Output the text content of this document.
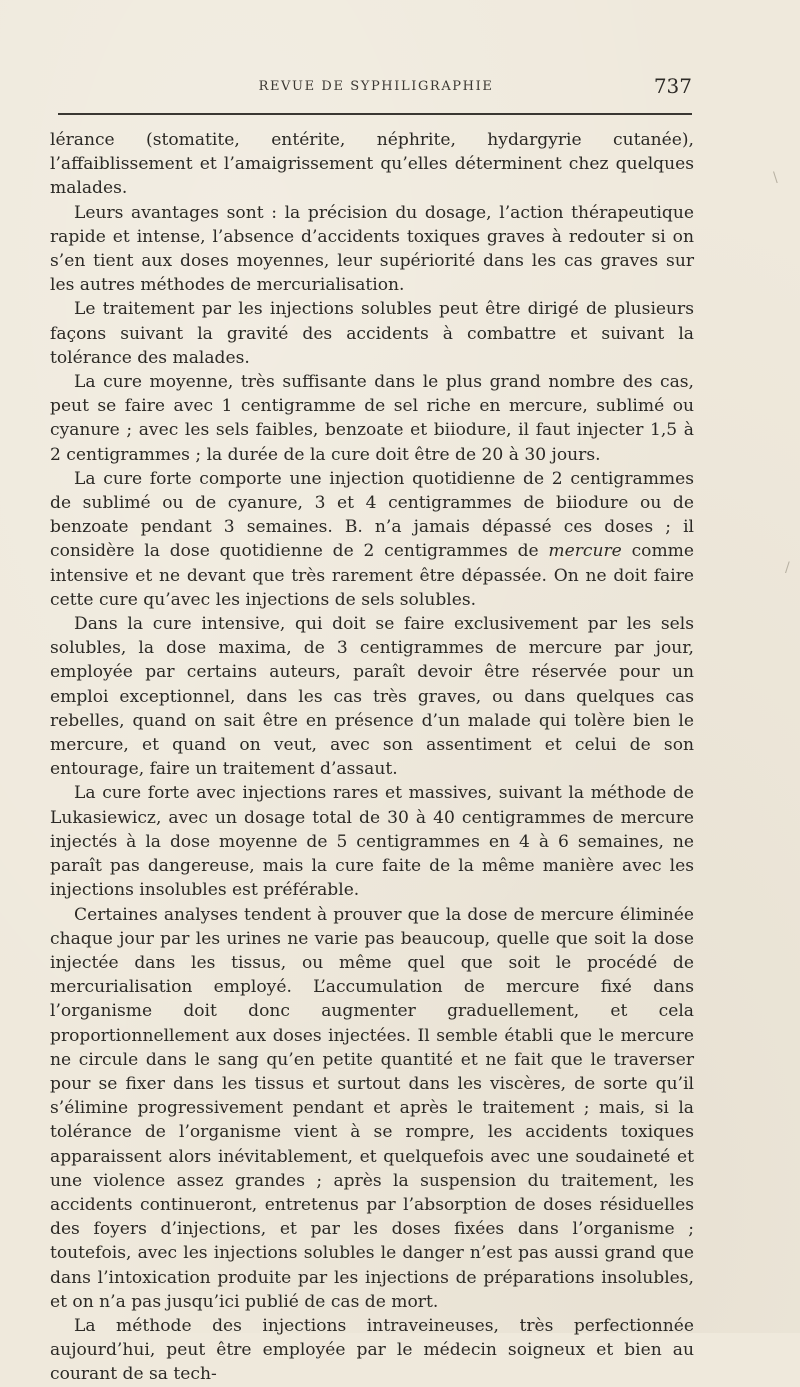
REVUE DE SYPHILIGRAPHIE	737

lérance (stomatite, entérite, néphrite, hydargyrie cutanée), l’affaiblissement et l’amaigrissement qu’elles déterminent chez quelques malades.

Leurs avantages sont : la précision du dosage, l’action thérapeutique rapide et intense, l’absence d’accidents toxiques graves à redouter si on s’en tient aux doses moyennes, leur supériorité dans les cas graves sur les autres méthodes de mercurialisation.

Le traitement par les injections solubles peut être dirigé de plusieurs façons suivant la gravité des accidents à combattre et suivant la tolérance des malades.

La cure moyenne, très suffisante dans le plus grand nombre des cas, peut se faire avec 1 centigramme de sel riche en mercure, sublimé ou cyanure ; avec les sels faibles, benzoate et biiodure, il faut injecter 1,5 à 2 centigrammes ; la durée de la cure doit être de 20 à 30 jours.

La cure forte comporte une injection quotidienne de 2 centigrammes de sublimé ou de cyanure, 3 et 4 centigrammes de biiodure ou de benzoate pendant 3 semaines. B. n’a jamais dépassé ces doses ; il considère la dose quotidienne de 2 centigrammes de mercure comme intensive et ne devant que très rarement être dépassée. On ne doit faire cette cure qu’avec les injections de sels solubles.

Dans la cure intensive, qui doit se faire exclusivement par les sels solubles, la dose maxima, de 3 centigrammes de mercure par jour, employée par certains auteurs, paraît devoir être réservée pour un emploi exceptionnel, dans les cas très graves, ou dans quelques cas rebelles, quand on sait être en présence d’un malade qui tolère bien le mercure, et quand on veut, avec son assentiment et celui de son entourage, faire un traitement d’assaut.

La cure forte avec injections rares et massives, suivant la méthode de Lukasiewicz, avec un dosage total de 30 à 40 centigrammes de mercure injectés à la dose moyenne de 5 centigrammes en 4 à 6 semaines, ne paraît pas dangereuse, mais la cure faite de la même manière avec les injections insolubles est préférable.

Certaines analyses tendent à prouver que la dose de mercure éliminée chaque jour par les urines ne varie pas beaucoup, quelle que soit la dose injectée dans les tissus, ou même quel que soit le procédé de mercurialisation employé. L’accumulation de mercure fixé dans l’organisme doit donc augmenter graduellement, et cela proportionnellement aux doses injectées. Il semble établi que le mercure ne circule dans le sang qu’en petite quantité et ne fait que le traverser pour se fixer dans les tissus et surtout dans les viscères, de sorte qu’il s’élimine progressivement pendant et après le traitement ; mais, si la tolérance de l’organisme vient à se rompre, les accidents toxiques apparaissent alors inévitablement, et quelquefois avec une soudaineté et une violence assez grandes ; après la suspension du traitement, les accidents continueront, entretenus par l’absorption de doses résiduelles des foyers d’injections, et par les doses fixées dans l’organisme ; toutefois, avec les injections solubles le danger n’est pas aussi grand que dans l’intoxication produite par les injections de préparations insolubles, et on n’a pas jusqu’ici publié de cas de mort.

La méthode des injections intraveineuses, très perfectionnée aujourd’hui, peut être employée par le médecin soigneux et bien au courant de sa tech-

\
/
